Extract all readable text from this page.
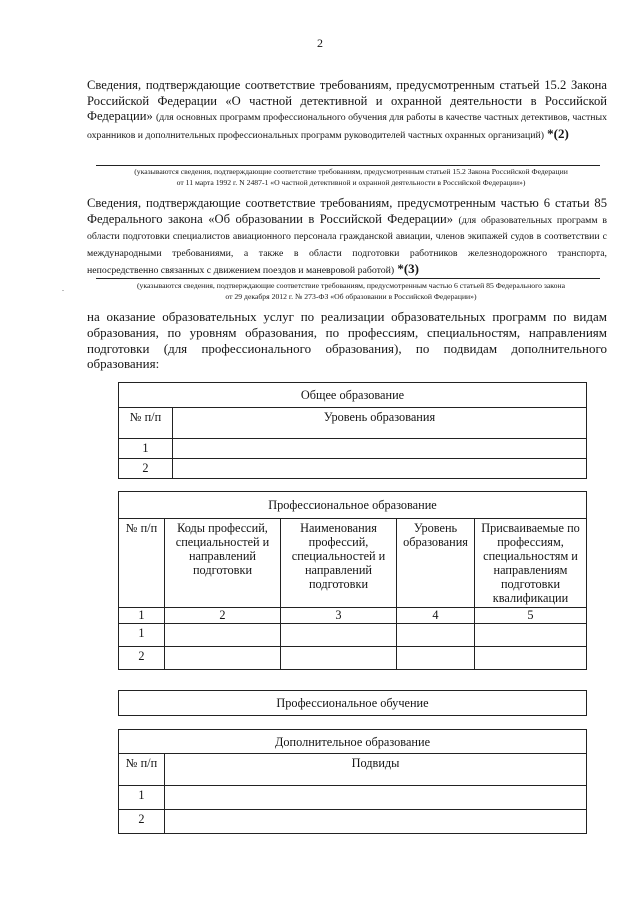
2
Сведения, подтверждающие соответствие требованиям, предусмотренным статьей 15.2 Закона Российской Федерации «О частной детективной и охранной деятельности в Российской Федерации» (для основных программ профессионального обучения для работы в качестве частных детективов, частных охранников и дополнительных профессиональных программ руководителей частных охранных организаций) *(2)
(указываются сведения, подтверждающие соответствие требованиям, предусмотренным статьей 15.2 Закона Российской Федерации
от 11 марта 1992 г. N 2487-1 «О частной детективной и охранной деятельности в Российской Федерации»)
Сведения, подтверждающие соответствие требованиям, предусмотренным частью 6 статьи 85 Федерального закона «Об образовании в Российской Федерации» (для образовательных программ в области подготовки специалистов авиационного персонала гражданской авиации, членов экипажей судов в соответствии с международными требованиями, а также в области подготовки работников железнодорожного транспорта, непосредственно связанных с движением поездов и маневровой работой) *(3)
.	(указываются сведения, подтверждающие соответствие требованиям, предусмотренным частью 6 статьей 85 Федерального закона
от 29 декабря 2012 г. № 273-ФЗ «Об образовании в Российской Федерации»)
на оказание образовательных услуг по реализации образовательных программ по видам образования, по уровням образования, по профессиям, специальностям, направлениям подготовки (для профессионального образования), по подвидам дополнительного образования:
Общее образование	
№ п/п	Уровень образования
1	
2	
Профессиональное образование				
№ п/п	Коды профессий, специальностей и направлений подготовки	Наименования профессий, специальностей и направлений подготовки	Уровень образования	Присваиваемые по профессиям, специальностям и направлениям подготовки квалификации
1	2	3	4	5
1				
2				
Профессиональное обучение
Дополнительное образование	
№ п/п	Подвиды
1	
2	
